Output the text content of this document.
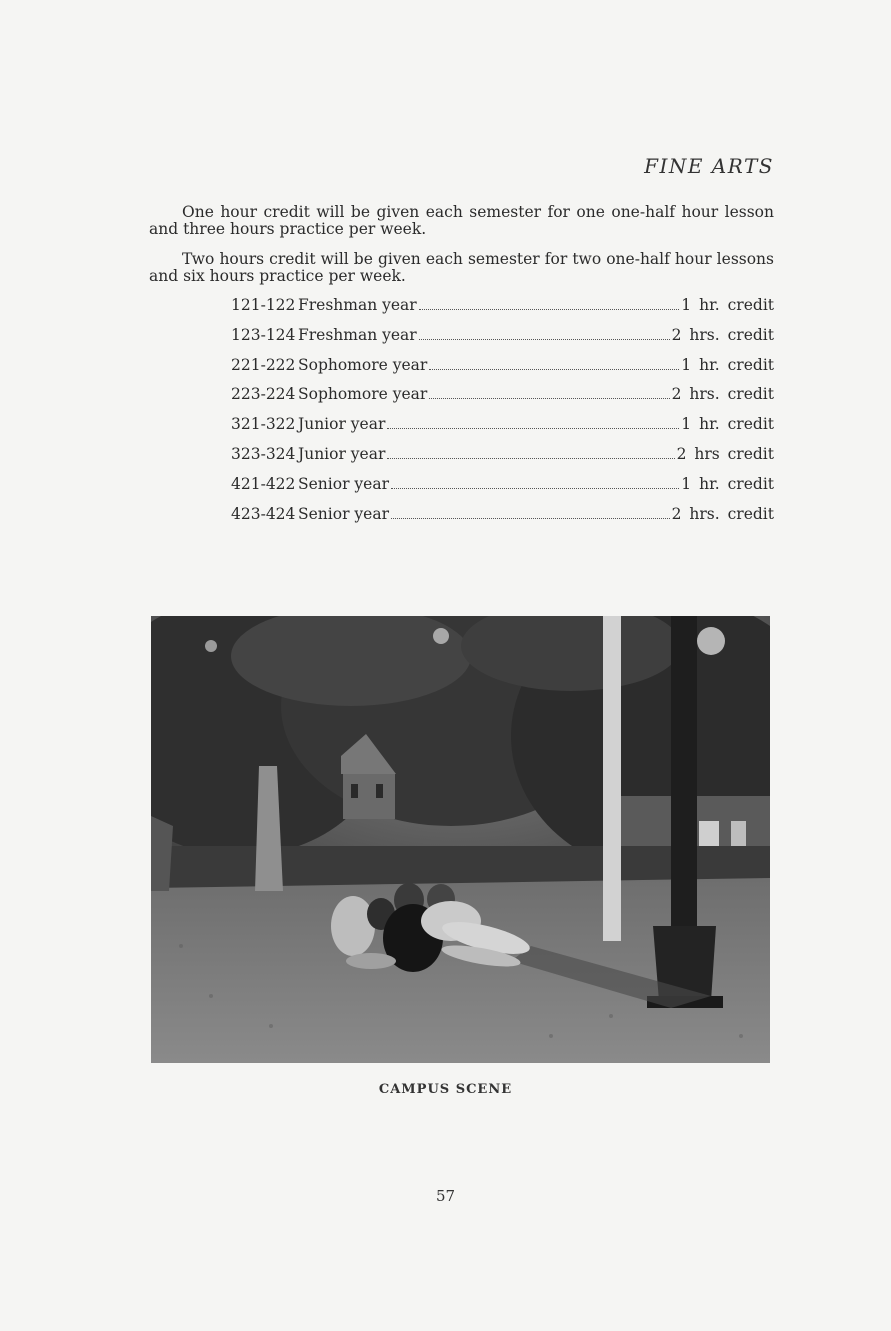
FINE ARTS

One hour credit will be given each semester for one one-half hour lesson and three hours practice per week.

Two hours credit will be given each semester for two one-half hour lessons and six hours practice per week.

121-122 Freshman year	1 hr. credit
123-124 Freshman year	2 hrs. credit
221-222 Sophomore year	1 hr. credit
223-224 Sophomore year	2 hrs. credit
321-322 Junior year	1 hr. credit
323-324 Junior year	2 hrs credit
421-422 Senior year	1 hr. credit
423-424 Senior year	2 hrs. credit
CAMPUS SCENE
57
